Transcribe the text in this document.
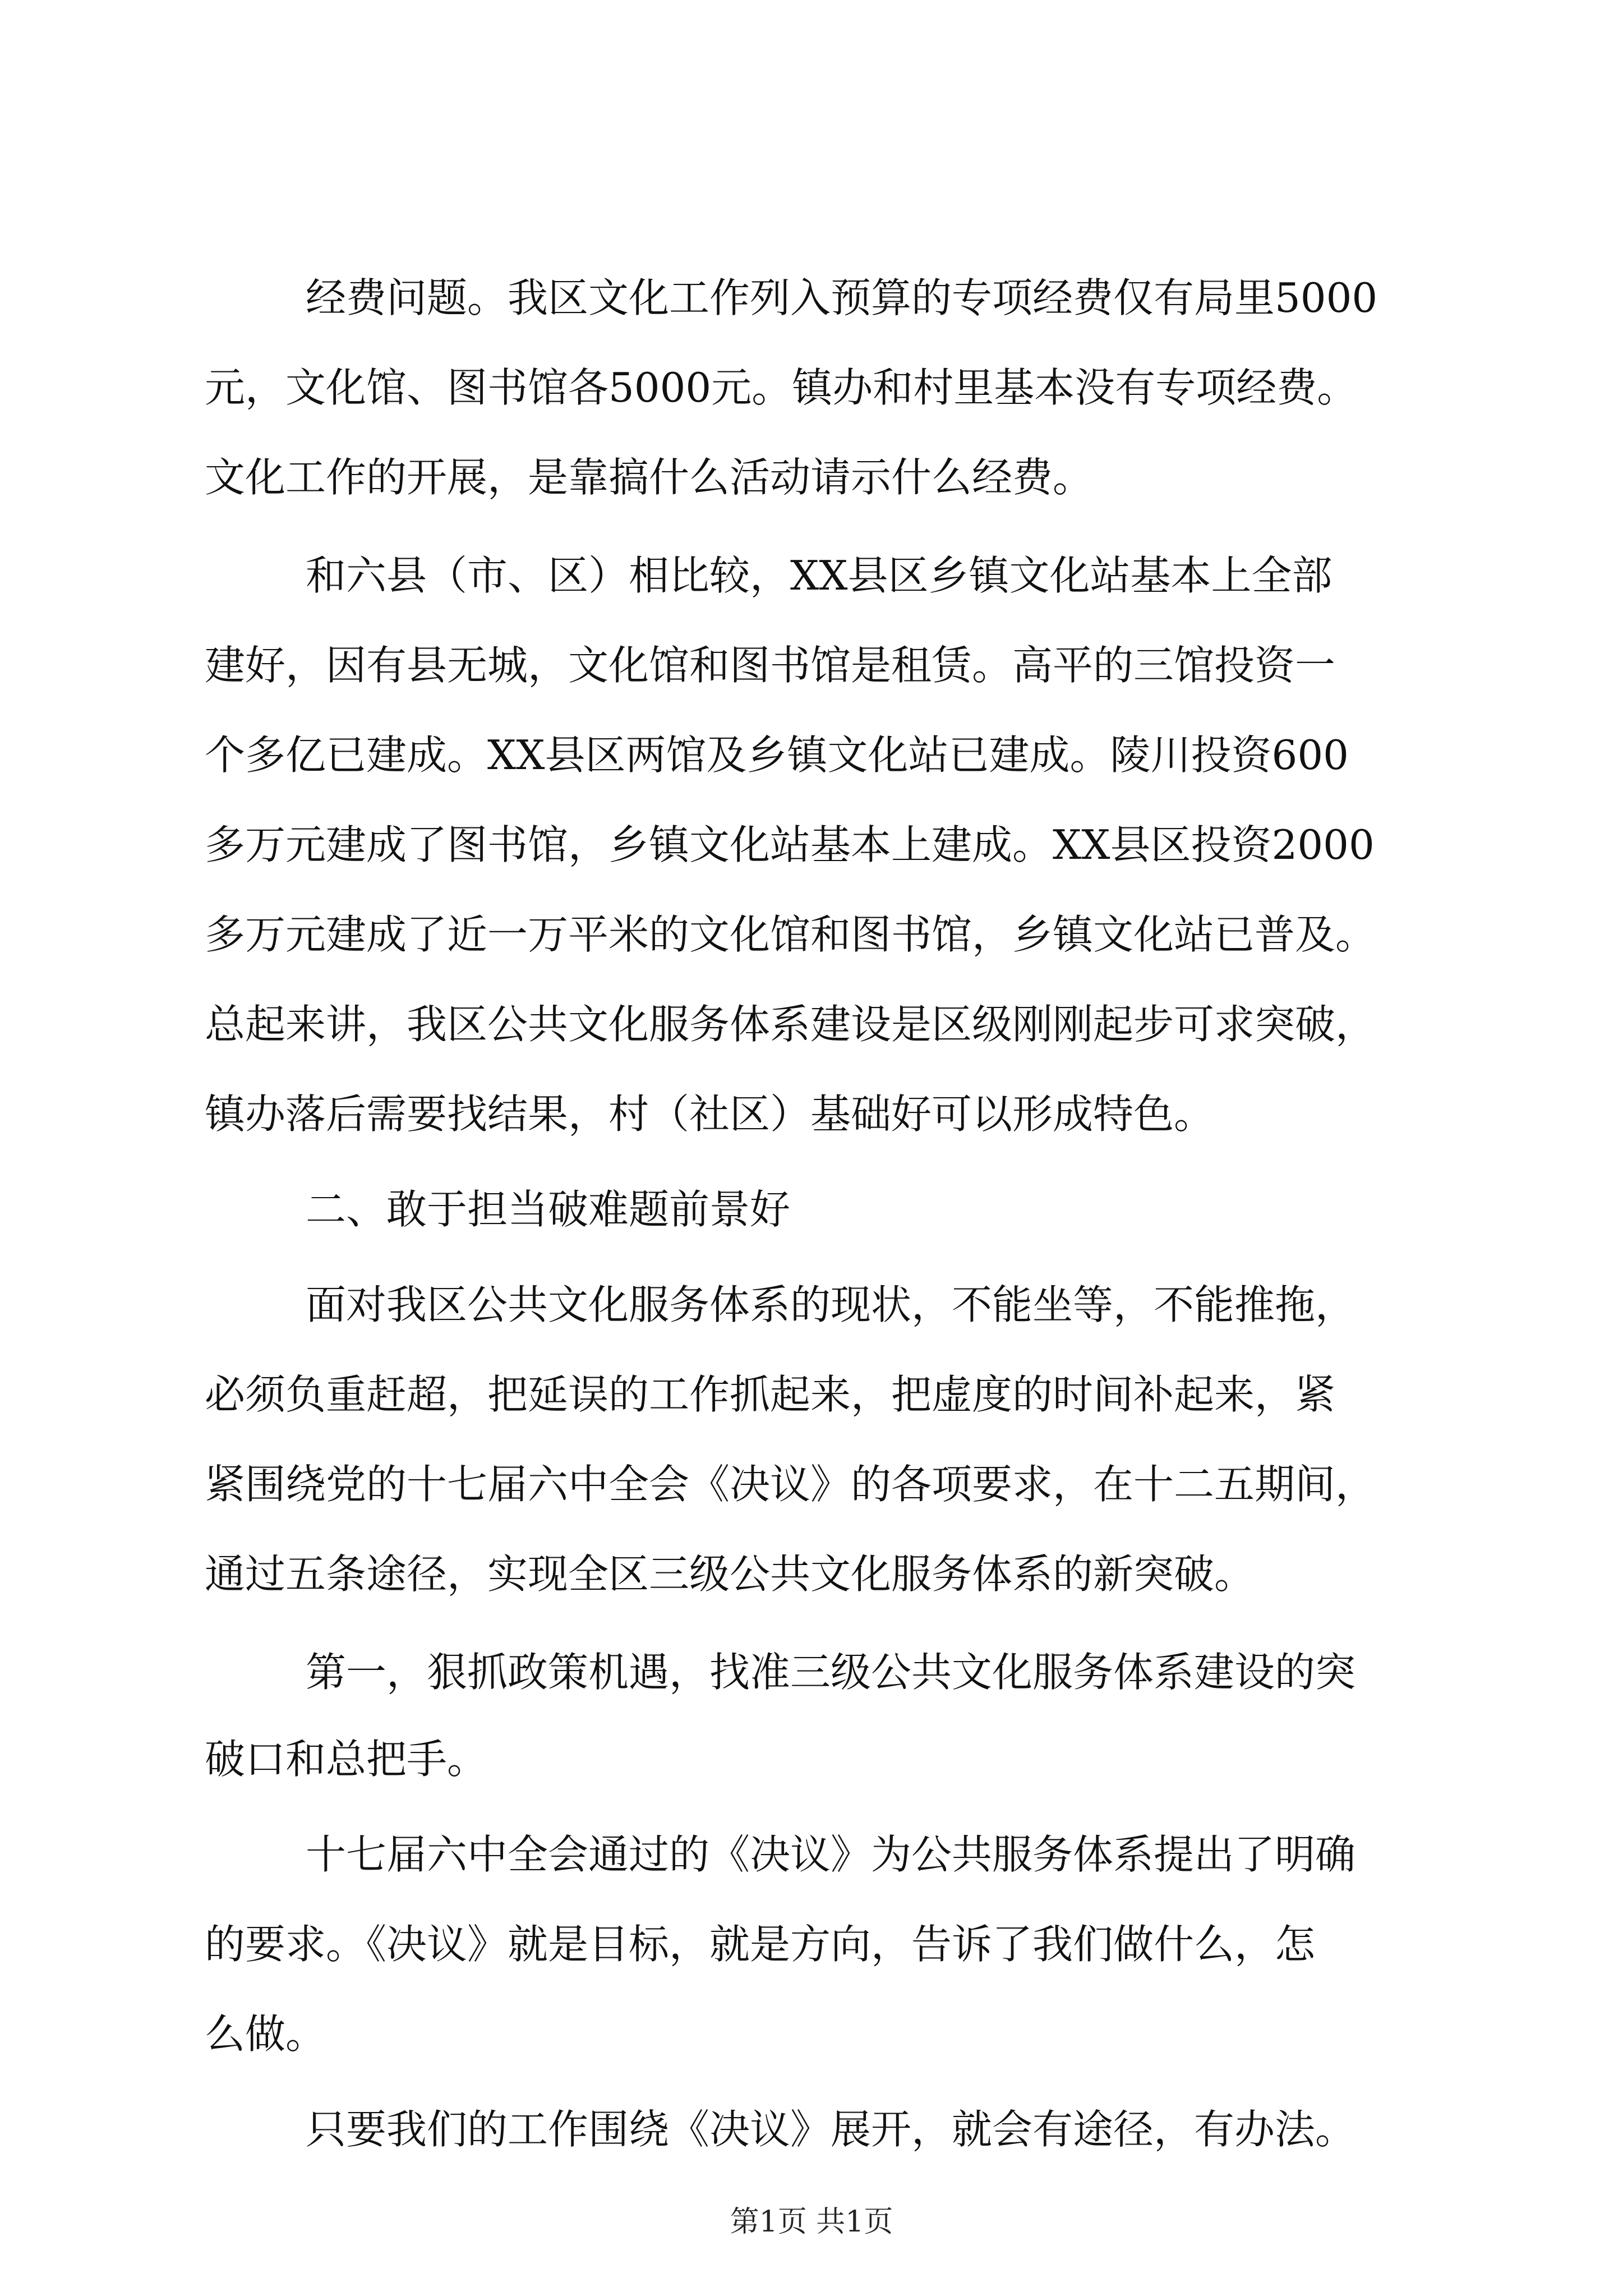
经费问题。我区文化工作列入预算的专项经费仅有局里5000
元，文化馆、图书馆各5000元。镇办和村里基本没有专项经费。
文化工作的开展，是靠搞什么活动请示什么经费。
和六县（市、区）相比较，XX县区乡镇文化站基本上全部
建好，因有县无城，文化馆和图书馆是租赁。高平的三馆投资一
个多亿已建成。XX县区两馆及乡镇文化站已建成。陵川投资600
多万元建成了图书馆，乡镇文化站基本上建成。XX县区投资2000
多万元建成了近一万平米的文化馆和图书馆，乡镇文化站已普及。
总起来讲，我区公共文化服务体系建设是区级刚刚起步可求突破，
镇办落后需要找结果，村（社区）基础好可以形成特色。
二、敢于担当破难题前景好
面对我区公共文化服务体系的现状，不能坐等，不能推拖，
必须负重赶超，把延误的工作抓起来，把虚度的时间补起来，紧
紧围绕党的十七届六中全会《决议》的各项要求，在十二五期间，
通过五条途径，实现全区三级公共文化服务体系的新突破。
第一，狠抓政策机遇，找准三级公共文化服务体系建设的突
破口和总把手。
十七届六中全会通过的《决议》为公共服务体系提出了明确
的要求。《决议》就是目标，就是方向，告诉了我们做什么，怎
么做。
只要我们的工作围绕《决议》展开，就会有途径，有办法。
第1页 共1页
